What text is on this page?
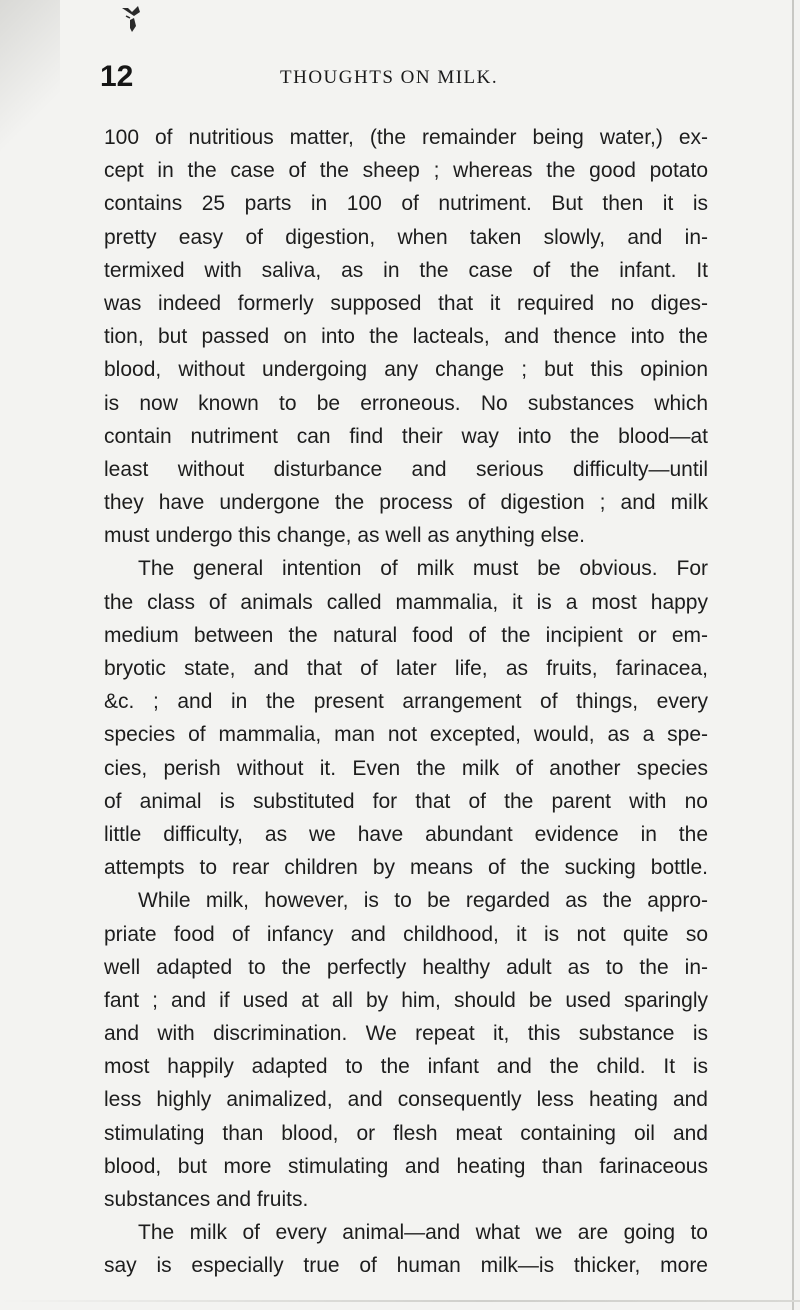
12	THOUGHTS ON MILK.
100 of nutritious matter, (the remainder being water,) ex-
cept in the case of the sheep ; whereas the good potato
contains 25 parts in 100 of nutriment. But then it is
pretty easy of digestion, when taken slowly, and in-
termixed with saliva, as in the case of the infant. It
was indeed formerly supposed that it required no diges-
tion, but passed on into the lacteals, and thence into the
blood, without undergoing any change ; but this opinion
is now known to be erroneous. No substances which
contain nutriment can find their way into the blood—at
least without disturbance and serious difficulty—until
they have undergone the process of digestion ; and milk
must undergo this change, as well as anything else.
The general intention of milk must be obvious. For
the class of animals called mammalia, it is a most happy
medium between the natural food of the incipient or em-
bryotic state, and that of later life, as fruits, farinacea,
&c. ; and in the present arrangement of things, every
species of mammalia, man not excepted, would, as a spe-
cies, perish without it. Even the milk of another species
of animal is substituted for that of the parent with no
little difficulty, as we have abundant evidence in the
attempts to rear children by means of the sucking bottle.
While milk, however, is to be regarded as the appro-
priate food of infancy and childhood, it is not quite so
well adapted to the perfectly healthy adult as to the in-
fant ; and if used at all by him, should be used sparingly
and with discrimination. We repeat it, this substance is
most happily adapted to the infant and the child. It is
less highly animalized, and consequently less heating and
stimulating than blood, or flesh meat containing oil and
blood, but more stimulating and heating than farinaceous
substances and fruits.
The milk of every animal—and what we are going to
say is especially true of human milk—is thicker, more
